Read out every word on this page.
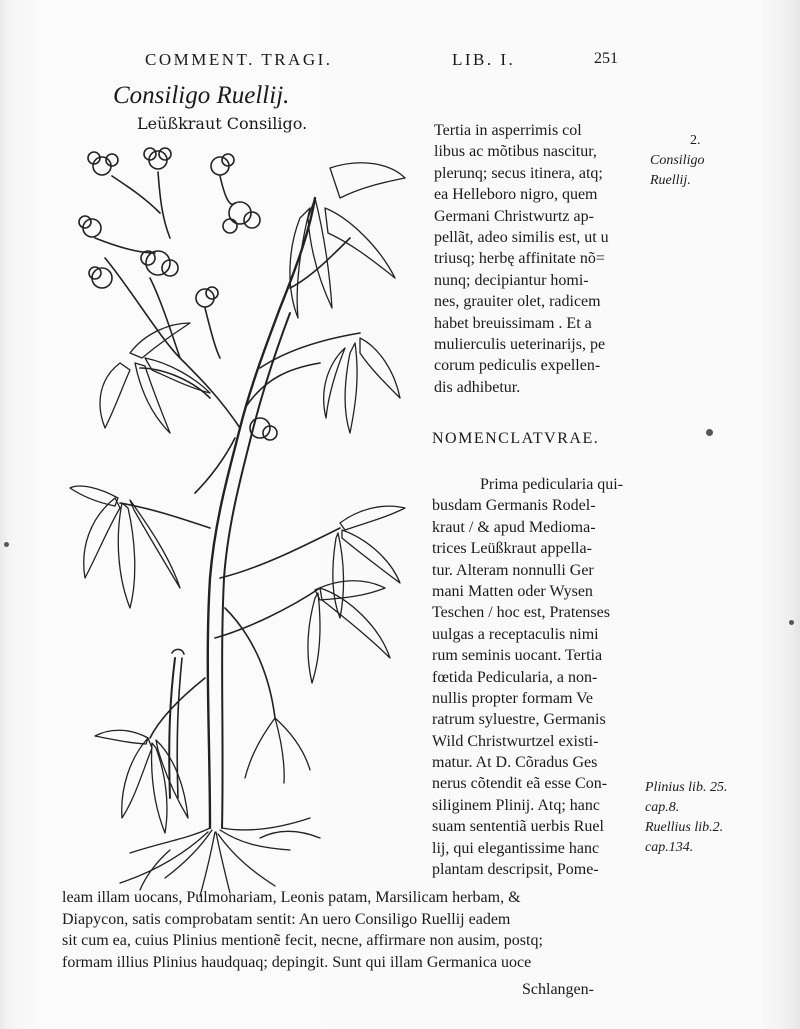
COMMENT. TRAGI.	LIB. I.	251
Consiligo Ruellij.
Leüßkraut Consiligo.	Tertia in asperrimis col
libus ac mõtibus nascitur,
plerunq; secus itinera, atq;
ea Helleboro nigro, quem
Germani Christwurtz ap-
pellãt, adeo similis est, ut u
triusq; herbę affinitate nõ=
nunq; decipiantur homi-
nes, grauiter olet, radicem
habet breuissimam . Et a
mulierculis ueterinarijs, pe
corum pediculis expellen-
dis adhibetur.
NOMENCLATVRAE.
Prima pedicularia qui-
busdam Germanis Rodel-
kraut / & apud Medioma-
trices Leüßkraut appella-
tur. Alteram nonnulli Ger
mani Matten oder Wysen
Teschen / hoc est, Pratenses
uulgas a receptaculis nimi
rum seminis uocant. Tertia
fœtida Pedicularia, a non-
nullis propter formam Ve
ratrum syluestre, Germanis
Wild Christwurtzel existi-
matur. At D. Cõradus Ges
nerus cõtendit eã esse Con-
siliginem Plinij. Atq; hanc
suam sententiã uerbis Ruel
lij, qui elegantissime hanc
plantam descripsit, Pome-
leam illam uocans, Pulmonariam, Leonis patam, Marsilicam herbam, &
Diapycon, satis comprobatam sentit: An uero Consiligo Ruellij eadem
sit cum ea, cuius Plinius mentionẽ fecit, necne, affirmare non ausim, postq;
formam illius Plinius haudquaq; depingit. Sunt qui illam Germanica uoce
Schlangen-
2.
Consiligo
Ruellij.
Plinius lib. 25.
cap.8.
Ruellius lib.2.
cap.134.
